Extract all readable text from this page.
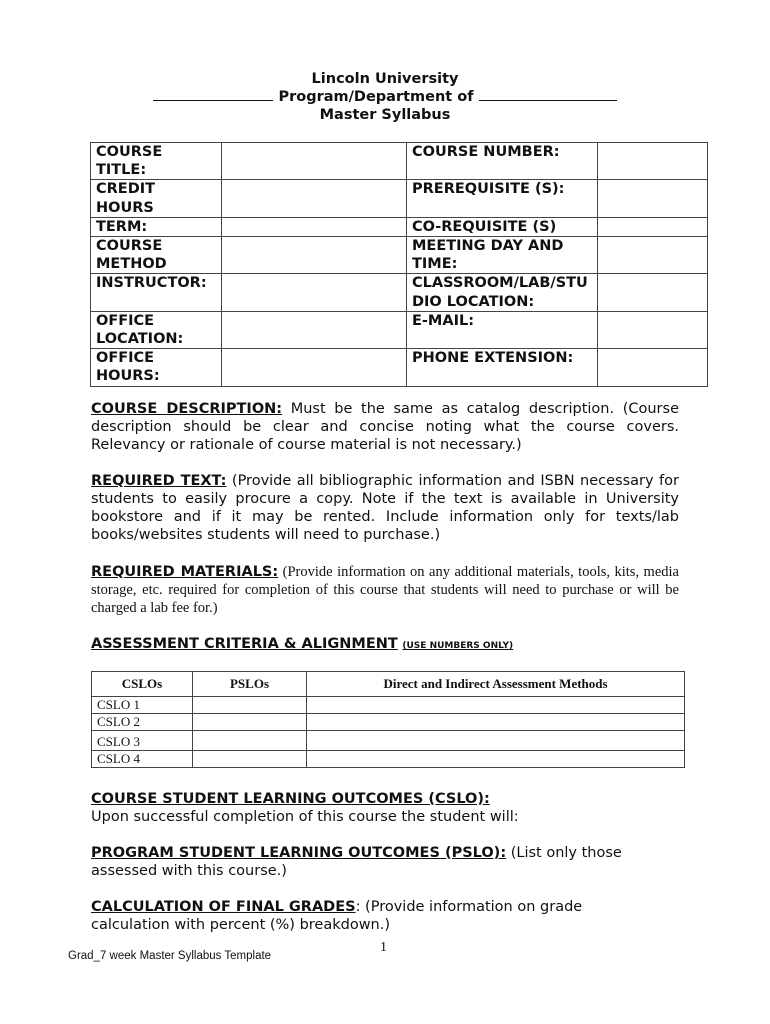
Lincoln University
Program/Department of
Master Syllabus
COURSE TITLE:		COURSE NUMBER:	
CREDIT HOURS		PREREQUISITE (S):	
TERM:		CO-REQUISITE (S)	
COURSE METHOD		MEETING DAY AND TIME:	
INSTRUCTOR:		CLASSROOM/LAB/STUDIO LOCATION:	
OFFICE LOCATION:		E-MAIL:	
OFFICE HOURS:		PHONE EXTENSION:	
COURSE DESCRIPTION: Must be the same as catalog description. (Course description should be clear and concise noting what the course covers. Relevancy or rationale of course material is not necessary.)
REQUIRED TEXT: (Provide all bibliographic information and ISBN necessary for students to easily procure a copy. Note if the text is available in University bookstore and if it may be rented. Include information only for texts/lab books/websites students will need to purchase.)
REQUIRED MATERIALS: (Provide information on any additional materials, tools, kits, media storage, etc. required for completion of this course that students will need to purchase or will be charged a lab fee for.)
ASSESSMENT CRITERIA & ALIGNMENT (USE NUMBERS ONLY)
CSLOs	PSLOs	Direct and Indirect Assessment Methods
CSLO 1		
CSLO 2		
CSLO 3		
CSLO 4		
COURSE STUDENT LEARNING OUTCOMES (CSLO):
Upon successful completion of this course the student will:
PROGRAM STUDENT LEARNING OUTCOMES (PSLO): (List only those assessed with this course.)
CALCULATION OF FINAL GRADES: (Provide information on grade calculation with percent (%) breakdown.)
1
Grad_7 week Master Syllabus Template
